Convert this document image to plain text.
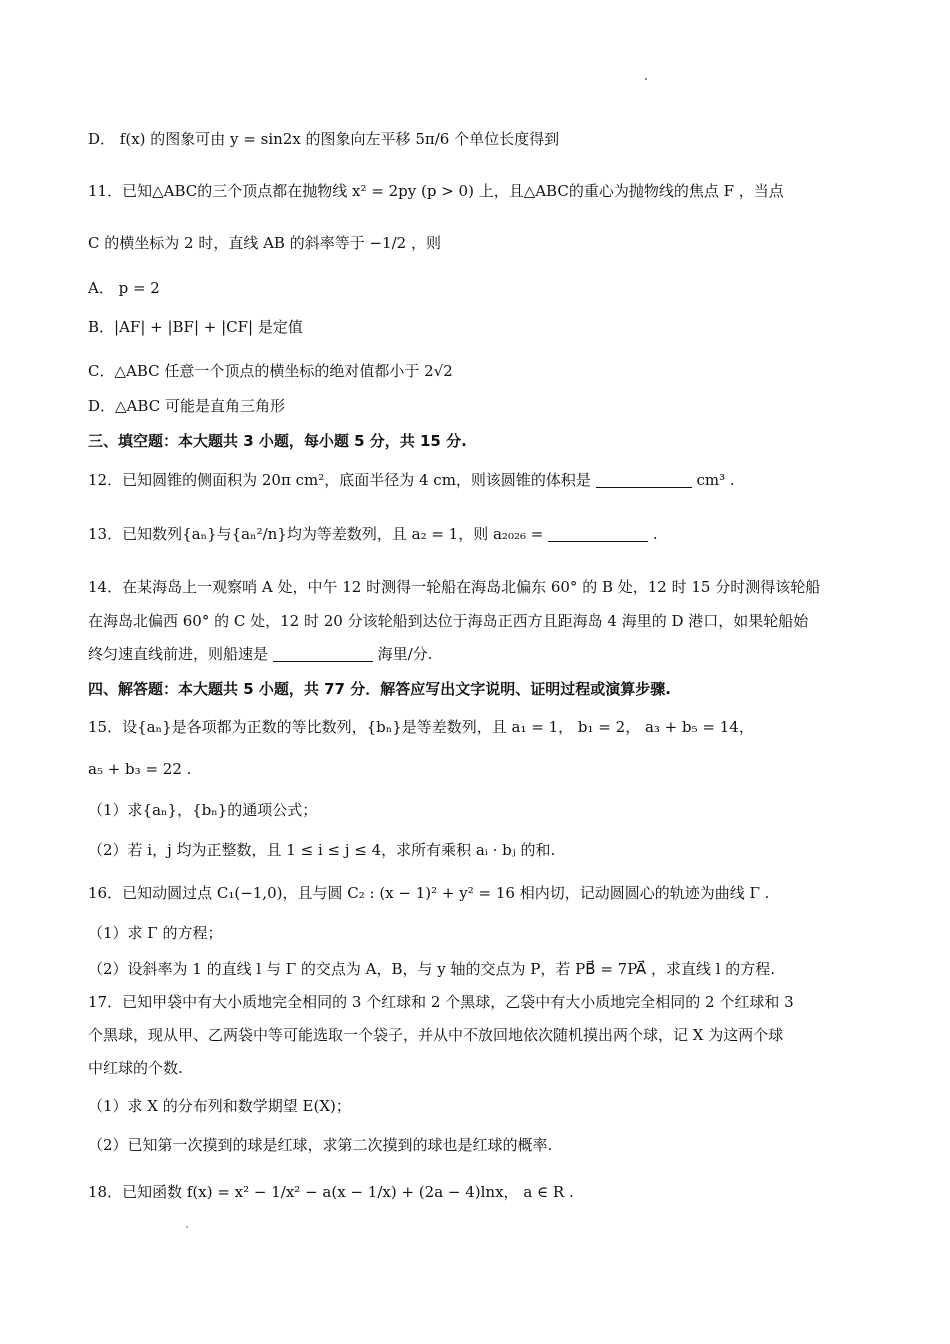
D． f(x) 的图象可由 y = sin2x 的图象向左平移 5π/6 个单位长度得到
11．已知△ABC的三个顶点都在抛物线 x² = 2py (p > 0) 上，且△ABC的重心为抛物线的焦点 F ，当点
C 的横坐标为 2 时，直线 AB 的斜率等于 −1/2 ，则
A． p = 2
B．|AF| + |BF| + |CF| 是定值
C．△ABC 任意一个顶点的横坐标的绝对值都小于 2√2
D．△ABC 可能是直角三角形
三、填空题：本大题共 3 小题，每小题 5 分，共 15 分.
12．已知圆锥的侧面积为 20π cm²，底面半径为 4 cm，则该圆锥的体积是	cm³ .
13．已知数列{aₙ}与{aₙ²/n}均为等差数列，且 a₂ = 1，则 a₂₀₂₆ =	.
14．在某海岛上一观察哨 A 处，中午 12 时测得一轮船在海岛北偏东 60° 的 B 处，12 时 15 分时测得该轮船
在海岛北偏西 60° 的 C 处，12 时 20 分该轮船到达位于海岛正西方且距海岛 4 海里的 D 港口，如果轮船始
终匀速直线前进，则船速是	海里/分.
四、解答题：本大题共 5 小题，共 77 分．解答应写出文字说明、证明过程或演算步骤.
15．设{aₙ}是各项都为正数的等比数列，{bₙ}是等差数列，且 a₁ = 1， b₁ = 2， a₃ + b₅ = 14，
a₅ + b₃ = 22 .
（1）求{aₙ}，{bₙ}的通项公式；
（2）若 i，j 均为正整数，且 1 ≤ i ≤ j ≤ 4，求所有乘积 aᵢ · bⱼ 的和.
16．已知动圆过点 C₁(−1,0)，且与圆 C₂ : (x − 1)² + y² = 16 相内切，记动圆圆心的轨迹为曲线 Γ .
（1）求 Γ 的方程；
（2）设斜率为 1 的直线 l 与 Γ 的交点为 A，B，与 y 轴的交点为 P，若 PB⃗ = 7PA⃗ ，求直线 l 的方程.
17．已知甲袋中有大小质地完全相同的 3 个红球和 2 个黑球，乙袋中有大小质地完全相同的 2 个红球和 3
个黑球，现从甲、乙两袋中等可能选取一个袋子，并从中不放回地依次随机摸出两个球，记 X 为这两个球
中红球的个数.
（1）求 X 的分布列和数学期望 E(X)；
（2）已知第一次摸到的球是红球，求第二次摸到的球也是红球的概率.
18．已知函数 f(x) = x² − 1/x² − a(x − 1/x) + (2a − 4)lnx， a ∈ R .
